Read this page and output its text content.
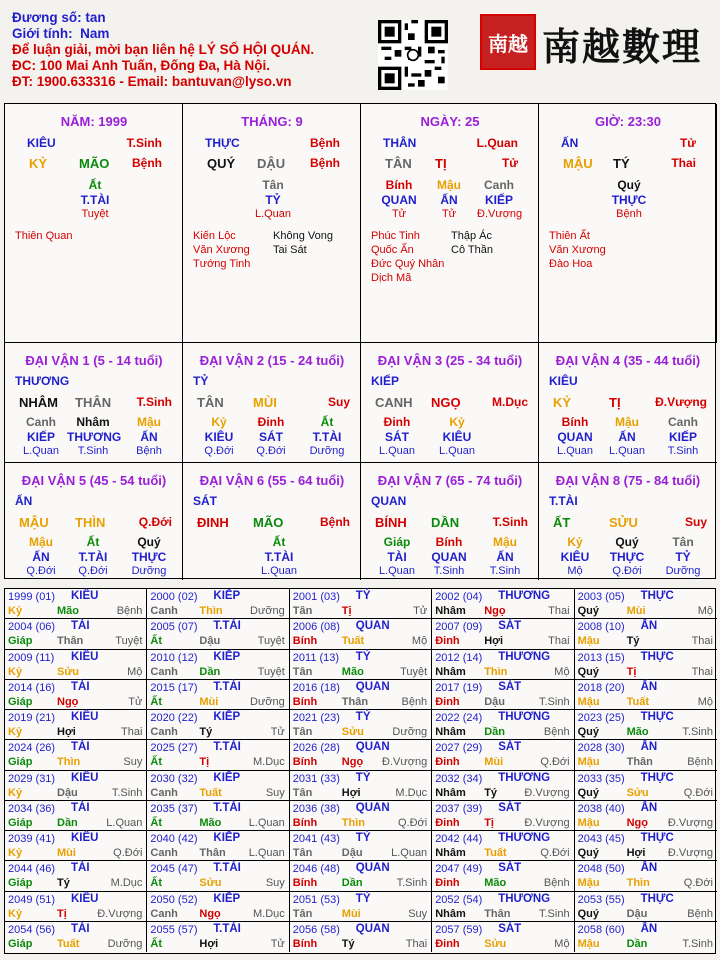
Đương số: tan
Giới tính: Nam
Để luận giải, mời bạn liên hệ LÝ SỐ HỘI QUÁN.
ĐC: 100 Mai Anh Tuấn, Đống Đa, Hà Nội.
ĐT: 1900.633316 - Email: bantuvan@lyso.vn
南越 南越數理
NĂM: 1999
KIÊU	T.Sinh
KỶ MÃO Bệnh
Ất
T.TÀI
Tuyệt
Thiên Quan
THÁNG: 9
THỰC	Bệnh
QUÝ DẬU Bệnh
Tân
TỶ
L.Quan
Kiến Lộc
Văn Xương
Tướng Tinh
Không Vong
Tai Sát
NGÀY: 25
THÂN	L.Quan
TÂN TỊ	Tử
Bính
QUAN
Tử
Mậu
ẤN
Tử
Canh
KIẾP
Đ.Vượng
Phúc Tinh
Quốc Ấn
Đức Quý Nhân
Dịch Mã
Thập Ác
Cô Thần
GIỜ: 23:30
ẤN	Tử
MẬU TÝ	Thai
Quý
THỰC
Bệnh
Thiên Ất
Văn Xương
Đào Hoa
ĐẠI VẬN 1 (5 - 14 tuổi)
THƯƠNG
NHÂM THÂN T.Sinh
Canh
KIẾP
L.Quan
Nhâm
THƯƠNG
T.Sinh
Mậu
ẤN
Bệnh
ĐẠI VẬN 2 (15 - 24 tuổi)
TỶ
TÂN MÙI	Suy
Kỷ
KIÊU
Q.Đới
Đinh
SÁT
Q.Đới
Ất
T.TÀI
Dưỡng
ĐẠI VẬN 3 (25 - 34 tuổi)
KIẾP
CANH NGỌ	M.Dục
Đinh
SÁT
L.Quan
Kỷ
KIÊU
L.Quan
ĐẠI VẬN 4 (35 - 44 tuổi)
KIÊU
KỶ	TỊ	Đ.Vượng
Bính
QUAN
L.Quan
Mậu
ẤN
L.Quan
Canh
KIẾP
T.Sinh
ĐẠI VẬN 5 (45 - 54 tuổi)
ẤN
MẬU THÌN	Q.Đới
Mậu
ẤN
Q.Đới
Ất
T.TÀI
Q.Đới
Quý
THỰC
Dưỡng
ĐẠI VẬN 6 (55 - 64 tuổi)
SÁT
ĐINH MÃO	Bệnh
Ất
T.TÀI
L.Quan
ĐẠI VẬN 7 (65 - 74 tuổi)
QUAN
BÍNH DẦN	T.Sinh
Giáp
TÀI
L.Quan
Bính
QUAN
T.Sinh
Mậu
ẤN
T.Sinh
ĐẠI VẬN 8 (75 - 84 tuổi)
T.TÀI
ẤT	SỬU	Suy
Kỷ
KIÊU
Mộ
Quý
THỰC
Q.Đới
Tân
TỶ
Dưỡng
1999 (01) KIÊU
Kỷ	Mão	Bệnh
2000 (02) KIẾP
Canh Thìn Dưỡng
2001 (03) TỶ
Tân	Tị	Tử
2002 (04) THƯƠNG
Nhâm Ngọ	Thai
2003 (05) THỰC
Quý	Mùi	Mộ
2004 (06) TÀI
Giáp Thân	Tuyệt
2005 (07) T.TÀI
Ất	Dậu	Tuyệt
2006 (08) QUAN
Bính Tuất	Mộ
2007 (09) SÁT
Đinh Hợi	Thai
2008 (10) ẤN
Mậu Tý	Thai
2009 (11) KIÊU
Kỷ	Sửu	Mộ
2010 (12) KIẾP
Canh Dần	Tuyệt
2011 (13) TỶ
Tân	Mão	Tuyệt
2012 (14) THƯƠNG
Nhâm Thìn	Mộ
2013 (15) THỰC
Quý	Tị	Thai
2014 (16) TÀI
Giáp Ngọ	Tử
2015 (17) T.TÀI
Ất	Mùi	Dưỡng
2016 (18) QUAN
Bính Thân	Bệnh
2017 (19) SÁT
Đinh Dậu	T.Sinh
2018 (20) ẤN
Mậu Tuất	Mộ
2019 (21) KIÊU
Kỷ	Hợi	Thai
2020 (22) KIẾP
Canh Tý	Tử
2021 (23) TỶ
Tân	Sửu	Dưỡng
2022 (24) THƯƠNG
Nhâm Dần	Bệnh
2023 (25) THỰC
Quý	Mão	T.Sinh
2024 (26) TÀI
Giáp Thìn	Suy
2025 (27) T.TÀI
Ất	Tị	M.Dục
2026 (28) QUAN
Bính Ngọ Đ.Vượng
2027 (29) SÁT
Đinh Mùi	Q.Đới
2028 (30) ẤN
Mậu Thân	Bệnh
2029 (31) KIÊU
Kỷ	Dậu	T.Sinh
2030 (32) KIẾP
Canh Tuất	Suy
2031 (33) TỶ
Tân	Hợi	M.Dục
2032 (34) THƯƠNG
Nhâm Tý Đ.Vượng
2033 (35) THỰC
Quý	Sửu	Q.Đới
2034 (36) TÀI
Giáp Dần	L.Quan
2035 (37) T.TÀI
Ất	Mão L.Quan
2036 (38) QUAN
Bính Thìn	Q.Đới
2037 (39) SÁT
Đinh Tị	Đ.Vượng
2038 (40) ẤN
Mậu Ngọ Đ.Vượng
2039 (41) KIÊU
Kỷ	Mùi	Q.Đới
2040 (42) KIẾP
Canh Thân L.Quan
2041 (43) TỶ
Tân	Dậu	L.Quan
2042 (44) THƯƠNG
Nhâm Tuất	Q.Đới
2043 (45) THỰC
Quý	Hợi Đ.Vượng
2044 (46) TÀI
Giáp Tý	M.Dục
2045 (47) T.TÀI
Ất	Sửu	Suy
2046 (48) QUAN
Bính Dần	T.Sinh
2047 (49) SÁT
Đinh Mão	Bệnh
2048 (50) ẤN
Mậu Thìn	Q.Đới
2049 (51) KIÊU
Kỷ	Tị	Đ.Vượng
2050 (52) KIẾP
Canh Ngọ	M.Dục
2051 (53) TỶ
Tân	Mùi	Suy
2052 (54) THƯƠNG
Nhâm Thân	T.Sinh
2053 (55) THỰC
Quý	Dậu	Bệnh
2054 (56) TÀI
Giáp Tuất	Dưỡng
2055 (57) T.TÀI
Ất	Hợi	Tử
2056 (58) QUAN
Bính Tý	Thai
2057 (59) SÁT
Đinh Sửu	Mộ
2058 (60) ẤN
Mậu Dần	T.Sinh
